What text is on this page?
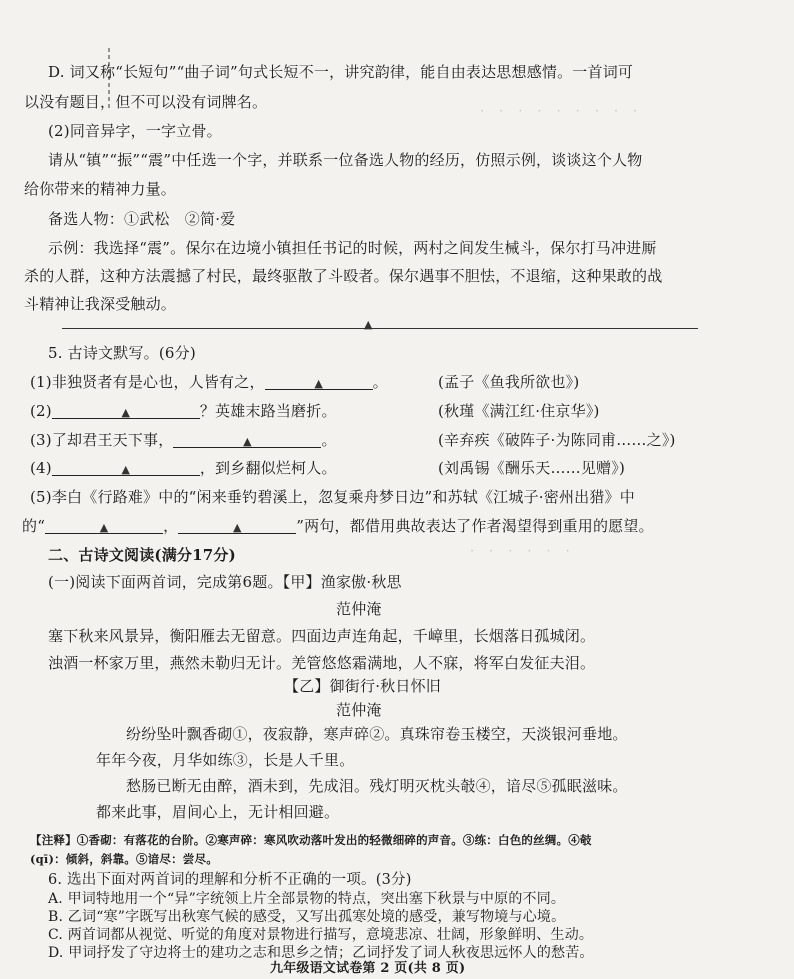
·　·　·　·　·　·　·　·　·
·　·　·　·　·　·
D. 词又称“长短句”“曲子词”句式长短不一，讲究韵律，能自由表达思想感情。一首词可
以没有题目，但不可以没有词牌名。
(2)同音异字，一字立骨。
请从“镇”“振”“震”中任选一个字，并联系一位备选人物的经历，仿照示例，谈谈这个人物
给你带来的精神力量。
备选人物：①武松　②简·爱
示例：我选择“震”。保尔在边境小镇担任书记的时候，两村之间发生械斗，保尔打马冲进厮
杀的人群，这种方法震撼了村民，最终驱散了斗殴者。保尔遇事不胆怯，不退缩，这种果敢的战
斗精神让我深受触动。
▲
5. 古诗文默写。(6分)
(1)非独贤者有是心也，人皆有之，	▲	。	(孟子《鱼我所欲也》)
(2)	▲	？英雄末路当磨折。	(秋瑾《满江红·住京华》)
(3)了却君王天下事，	▲	。	(辛弃疾《破阵子·为陈同甫……之》)
(4)	▲	，到乡翻似烂柯人。	(刘禹锡《酬乐天……见赠》)
(5)李白《行路难》中的“闲来垂钓碧溪上，忽复乘舟梦日边”和苏轼《江城子·密州出猎》中
的“	▲	，	▲	”两句，都借用典故表达了作者渴望得到重用的愿望。
二、古诗文阅读(满分17分)
(一)阅读下面两首词，完成第6题。【甲】渔家傲·秋思
范仲淹
塞下秋来风景异，衡阳雁去无留意。四面边声连角起，千嶂里，长烟落日孤城闭。
浊酒一杯家万里，燕然未勒归无计。羌管悠悠霜满地，人不寐，将军白发征夫泪。
【乙】御街行·秋日怀旧
范仲淹
纷纷坠叶飘香砌①，夜寂静，寒声碎②。真珠帘卷玉楼空，天淡银河垂地。
年年今夜，月华如练③，长是人千里。
愁肠已断无由醉，酒未到，先成泪。残灯明灭枕头攲④，谙尽⑤孤眠滋味。
都来此事，眉间心上，无计相回避。
【注释】①香砌：有落花的台阶。②寒声碎：寒风吹动落叶发出的轻微细碎的声音。③练：白色的丝绸。④攲
(qī)：倾斜，斜靠。⑤谙尽：尝尽。
6. 选出下面对两首词的理解和分析不正确的一项。(3分)
A. 甲词特地用一个“异”字统领上片全部景物的特点，突出塞下秋景与中原的不同。
B. 乙词“寒”字既写出秋寒气候的感受，又写出孤寒处境的感受，兼写物境与心境。
C. 两首词都从视觉、听觉的角度对景物进行描写，意境悲凉、壮阔，形象鲜明、生动。
D. 甲词抒发了守边将士的建功之志和思乡之情；乙词抒发了词人秋夜思远怀人的愁苦。
九年级语文试卷第 2 页(共 8 页)
